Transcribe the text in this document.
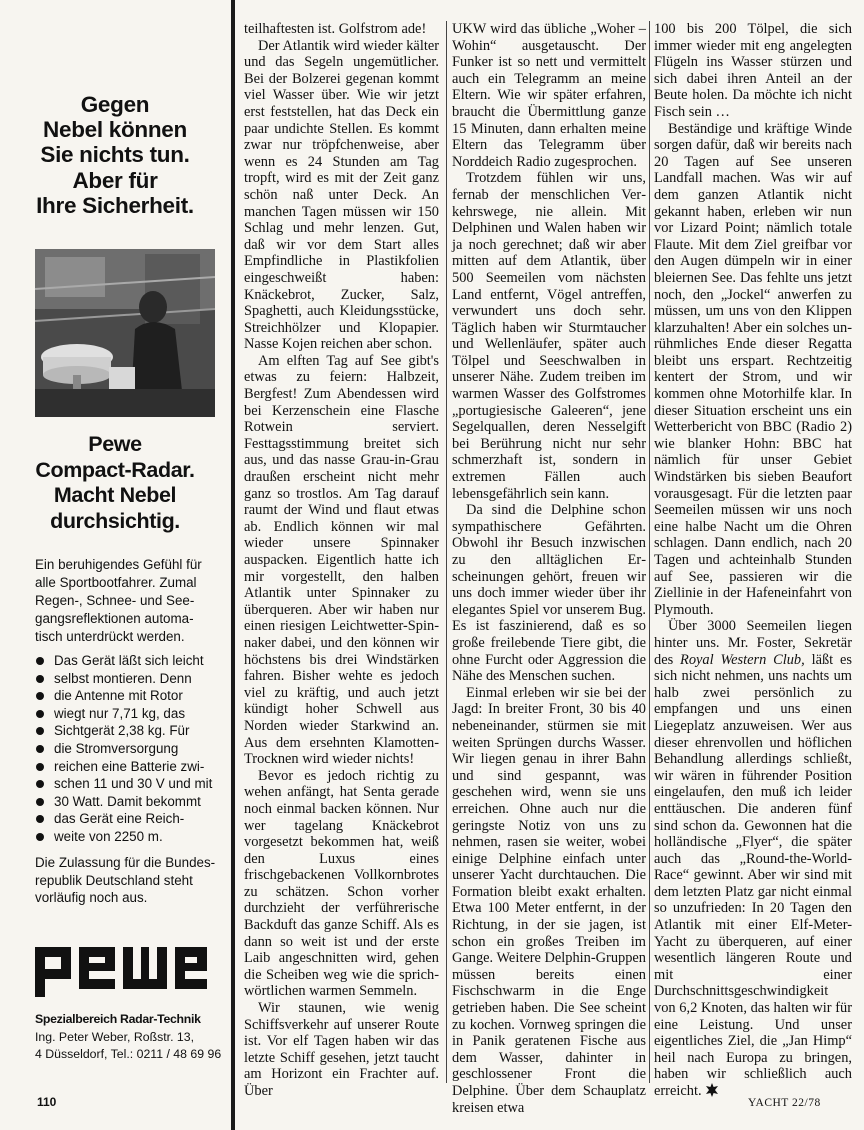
Gegen
Nebel können
Sie nichts tun.
Aber für
Ihre Sicherheit.
Pewe
Compact-Radar.
Macht Nebel
durchsichtig.
Ein beruhigendes Gefühl für
alle Sportbootfahrer. Zumal
Regen-, Schnee- und See-
gangsreflektionen automa-
tisch unterdrückt werden.
Das Gerät läßt sich leicht
selbst montieren. Denn
die Antenne mit Rotor
wiegt nur 7,71 kg, das
Sichtgerät 2,38 kg. Für
die Stromversorgung
reichen eine Batterie zwi-
schen 11 und 30 V und mit
30 Watt. Damit bekommt
das Gerät eine Reich-
weite von 2250 m.
Die Zulassung für die Bundes-
republik Deutschland steht
vorläufig noch aus.
Spezialbereich Radar-Technik
Ing. Peter Weber, Roßstr. 13,
4 Düsseldorf, Tel.: 0211 / 48 69 96
110

teilhaftesten ist. Golfstrom ade!

Der Atlantik wird wieder kälter und das Segeln ungemütlicher. Bei der Bolzerei gegenan kommt viel Wasser über. Wie wir jetzt erst feststellen, hat das Deck ein paar undichte Stellen. Es kommt zwar nur tröpfchenweise, aber wenn es 24 Stunden am Tag tropft, wird es mit der Zeit ganz schön naß unter Deck. An manchen Tagen müssen wir 150 Schlag und mehr lenzen. Gut, daß wir vor dem Start alles Empfindliche in Plastikfolien eingeschweißt haben: Knäckebrot, Zucker, Salz, Spaghetti, auch Kleidungsstücke, Streichhölzer und Klopapier. Nasse Kojen reichen aber schon.

Am elften Tag auf See gibt's etwas zu feiern: Halbzeit, Bergfest! Zum Abendessen wird bei Kerzenschein eine Flasche Rotwein serviert. Festtagsstimmung breitet sich aus, und das nasse Grau-in-Grau draußen erscheint nicht mehr ganz so trostlos. Am Tag darauf raumt der Wind und flaut etwas ab. Endlich können wir mal wieder unsere Spinnaker auspacken. Eigentlich hatte ich mir vorgestellt, den halben Atlantik unter Spinnaker zu überqueren. Aber wir haben nur einen riesigen Leichtwetter-Spinnaker dabei, und den können wir höchstens bis drei Windstärken fahren. Bisher wehte es jedoch viel zu kräftig, und auch jetzt kündigt hoher Schwell aus Norden wieder Starkwind an. Aus dem ersehnten Klamotten-Trocknen wird wieder nichts!

Bevor es jedoch richtig zu wehen anfängt, hat Senta gerade noch einmal backen können. Nur wer tagelang Knäckebrot vorgesetzt bekommen hat, weiß den Luxus eines frischgebackenen Vollkornbrotes zu schätzen. Schon vorher durchzieht der verführerische Backduft das ganze Schiff. Als es dann so weit ist und der erste Laib angeschnitten wird, gehen die Scheiben weg wie die sprichwörtlichen warmen Semmeln.

Wir staunen, wie wenig Schiffsverkehr auf unserer Route ist. Vor elf Tagen haben wir das letzte Schiff gesehen, jetzt taucht am Horizont ein Frachter auf. Über

UKW wird das übliche „Woher – Wohin“ ausgetauscht. Der Funker ist so nett und vermittelt auch ein Telegramm an meine Eltern. Wie wir später erfahren, braucht die Übermittlung ganze 15 Minuten, dann erhalten meine Eltern das Telegramm über Norddeich Radio zugesprochen.

Trotzdem fühlen wir uns, fernab der menschlichen Verkehrswege, nie allein. Mit Delphinen und Walen haben wir ja noch gerechnet; daß wir aber mitten auf dem Atlantik, über 500 Seemeilen vom nächsten Land entfernt, Vögel antreffen, verwundert uns doch sehr. Täglich haben wir Sturmtaucher und Wellenläufer, später auch Tölpel und Seeschwalben in unserer Nähe. Zudem treiben im warmen Wasser des Golfstromes „portugiesische Galeeren“, jene Segelquallen, deren Nesselgift bei Berührung nicht nur sehr schmerzhaft ist, sondern in extremen Fällen auch lebensgefährlich sein kann.

Da sind die Delphine schon sympathischere Gefährten. Obwohl ihr Besuch inzwischen zu den alltäglichen Erscheinungen gehört, freuen wir uns doch immer wieder über ihr elegantes Spiel vor unserem Bug. Es ist faszinierend, daß es so große freilebende Tiere gibt, die ohne Furcht oder Aggression die Nähe des Menschen suchen.

Einmal erleben wir sie bei der Jagd: In breiter Front, 30 bis 40 nebeneinander, stürmen sie mit weiten Sprüngen durchs Wasser. Wir liegen genau in ihrer Bahn und sind gespannt, was geschehen wird, wenn sie uns erreichen. Ohne auch nur die geringste Notiz von uns zu nehmen, rasen sie weiter, wobei einige Delphine einfach unter unserer Yacht durchtauchen. Die Formation bleibt exakt erhalten. Etwa 100 Meter entfernt, in der Richtung, in der sie jagen, ist schon ein großes Treiben im Gange. Weitere Delphin-Gruppen müssen bereits einen Fischschwarm in die Enge getrieben haben. Die See scheint zu kochen. Vornweg springen die in Panik geratenen Fische aus dem Wasser, dahinter in geschlossener Front die Delphine. Über dem Schauplatz kreisen etwa

100 bis 200 Tölpel, die sich immer wieder mit eng angelegten Flügeln ins Wasser stürzen und sich dabei ihren Anteil an der Beute holen. Da möchte ich nicht Fisch sein …

Beständige und kräftige Winde sorgen dafür, daß wir bereits nach 20 Tagen auf See unseren Landfall machen. Was wir auf dem ganzen Atlantik nicht gekannt haben, erleben wir nun vor Lizard Point; nämlich totale Flaute. Mit dem Ziel greifbar vor den Augen dümpeln wir in einer bleiernen See. Das fehlte uns jetzt noch, den „Jockel“ anwerfen zu müssen, um uns von den Klippen klarzuhalten! Aber ein solches unrühmliches Ende dieser Regatta bleibt uns erspart. Rechtzeitig kentert der Strom, und wir kommen ohne Motorhilfe klar. In dieser Situation erscheint uns ein Wetterbericht von BBC (Radio 2) wie blanker Hohn: BBC hat nämlich für unser Gebiet Windstärken bis sieben Beaufort vorausgesagt. Für die letzten paar Seemeilen müssen wir uns noch eine halbe Nacht um die Ohren schlagen. Dann endlich, nach 20 Tagen und achteinhalb Stunden auf See, passieren wir die Ziellinie in der Hafeneinfahrt von Plymouth.

Über 3000 Seemeilen liegen hinter uns. Mr. Foster, Sekretär des Royal Western Club, läßt es sich nicht nehmen, uns nachts um halb zwei persönlich zu empfangen und uns einen Liegeplatz anzuweisen. Wer aus dieser ehrenvollen und höflichen Behandlung allerdings schließt, wir wären in führender Position eingelaufen, den muß ich leider enttäuschen. Die anderen fünf sind schon da. Gewonnen hat die holländische „Flyer“, die später auch das „Round-the-World-Race“ gewinnt. Aber wir sind mit dem letzten Platz gar nicht einmal so unzufrieden: In 20 Tagen den Atlantik mit einer Elf-Meter-Yacht zu überqueren, auf einer wesentlich längeren Route und mit einer Durchschnittsgeschwindigkeit von 6,2 Knoten, das halten wir für eine Leistung. Und unser eigentliches Ziel, die „Jan Himp“ heil nach Europa zu bringen, haben wir schließlich auch erreicht.

YACHT 22/78
